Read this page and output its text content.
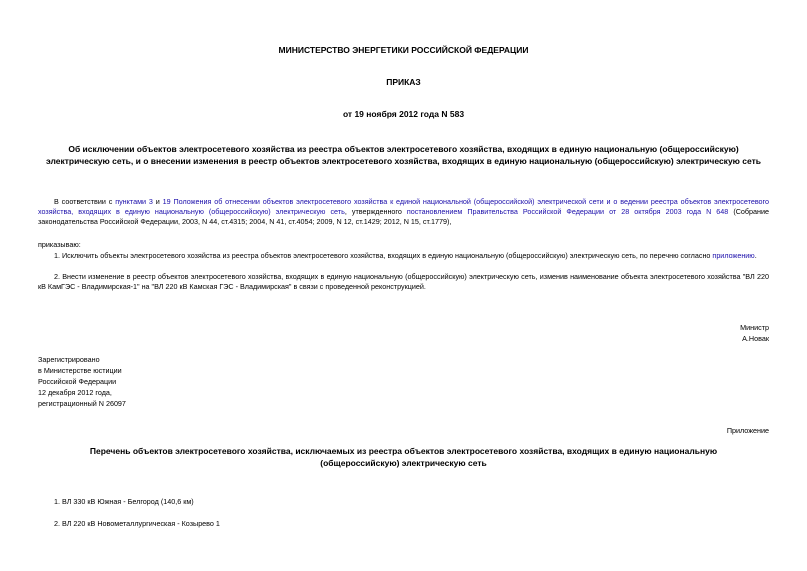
МИНИСТЕРСТВО ЭНЕРГЕТИКИ РОССИЙСКОЙ ФЕДЕРАЦИИ
ПРИКАЗ
от 19 ноября 2012 года N 583
Об исключении объектов электросетевого хозяйства из реестра объектов электросетевого хозяйства, входящих в единую национальную (общероссийскую) электрическую сеть, и о внесении изменения в реестр объектов электросетевого хозяйства, входящих в единую национальную (общероссийскую) электрическую сеть
В соответствии с пунктами 3 и 19 Положения об отнесении объектов электросетевого хозяйства к единой национальной (общероссийской) электрической сети и о ведении реестра объектов электросетевого хозяйства, входящих в единую национальную (общероссийскую) электрическую сеть, утвержденного постановлением Правительства Российской Федерации от 28 октября 2003 года N 648 (Собрание законодательства Российской Федерации, 2003, N 44, ст.4315; 2004, N 41, ст.4054; 2009, N 12, ст.1429; 2012, N 15, ст.1779),
приказываю:
1. Исключить объекты электросетевого хозяйства из реестра объектов электросетевого хозяйства, входящих в единую национальную (общероссийскую) электрическую сеть, по перечню согласно приложению.
2. Внести изменение в реестр объектов электросетевого хозяйства, входящих в единую национальную (общероссийскую) электрическую сеть, изменив наименование объекта электросетевого хозяйства "ВЛ 220 кВ КамГЭС - Владимирская-1" на "ВЛ 220 кВ Камская ГЭС - Владимирская" в связи с проведенной реконструкцией.
Министр
А.Новак
Зарегистрировано
в Министерстве юстиции
Российской Федерации
12 декабря 2012 года,
регистрационный N 26097
Приложение
Перечень объектов электросетевого хозяйства, исключаемых из реестра объектов электросетевого хозяйства, входящих в единую национальную (общероссийскую) электрическую сеть
1. ВЛ 330 кВ Южная - Белгород (140,6 км)
2. ВЛ 220 кВ Новометаллургическая - Козырево 1
